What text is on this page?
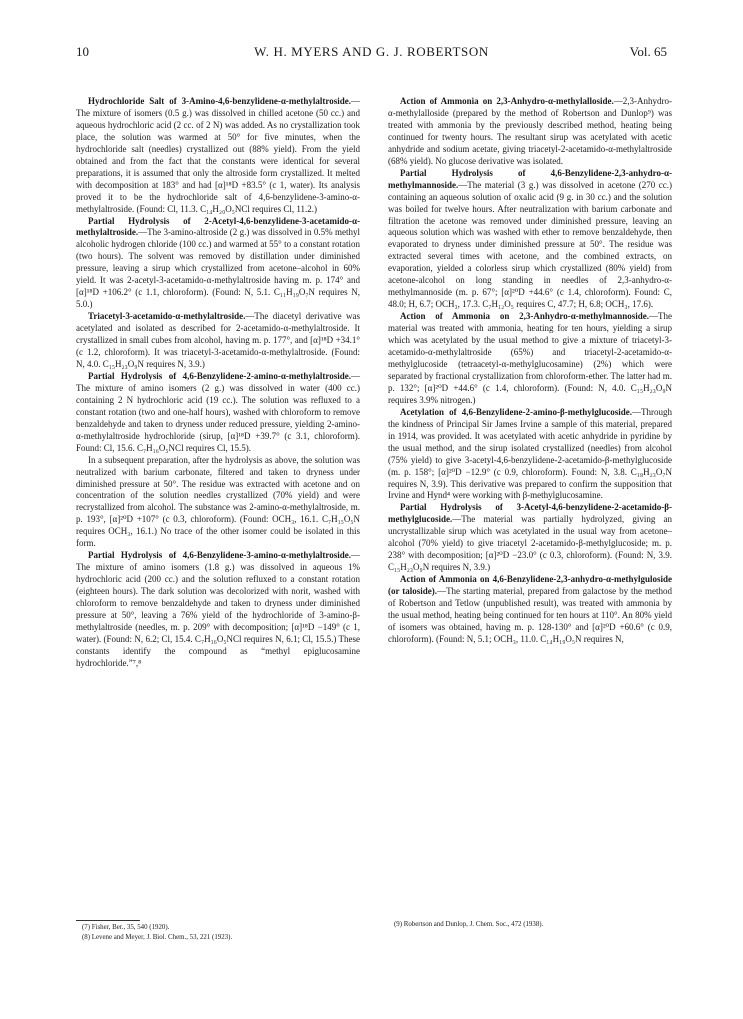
10	W. H. MYERS AND G. J. ROBERTSON	Vol. 65

Hydrochloride Salt of 3-Amino-4,6-benzylidene-α-methylaltroside.—The mixture of isomers (0.5 g.) was dissolved in chilled acetone (50 cc.) and aqueous hydrochloric acid (2 cc. of 2 N) was added. As no crystallization took place, the solution was warmed at 50° for five minutes, when the hydrochloride salt (needles) crystallized out (88% yield). From the yield obtained and from the fact that the constants were identical for several preparations, it is assumed that only the altroside form crystallized. It melted with decomposition at 183° and had [α]¹⁸D +83.5° (c 1, water). Its analysis proved it to be the hydrochloride salt of 4,6-benzylidene-3-amino-α-methylaltroside. (Found: Cl, 11.3. C₁₄H₂₀O₅NCl requires Cl, 11.2.)

Partial Hydrolysis of 2-Acetyl-4,6-benzylidene-3-acetamido-α-methylaltroside.—The 3-amino-altroside (2 g.) was dissolved in 0.5% methyl alcoholic hydrogen chloride (100 cc.) and warmed at 55° to a constant rotation (two hours). The solvent was removed by distillation under diminished pressure, leaving a sirup which crystallized from acetone–alcohol in 60% yield. It was 2-acetyl-3-acetamido-α-methylaltroside having m. p. 174° and [α]¹⁸D +106.2° (c 1.1, chloroform). (Found: N, 5.1. C₁₁H₁₉O₇N requires N, 5.0.)

Triacetyl-3-acetamido-α-methylaltroside.—The diacetyl derivative was acetylated and isolated as described for 2-acetamido-α-methylaltroside. It crystallized in small cubes from alcohol, having m. p. 177°, and [α]¹⁸D +34.1° (c 1.2, chloroform). It was triacetyl-3-acetamido-α-methylaltroside. (Found: N, 4.0. C₁₅H₂₃O₉N requires N, 3.9.)

Partial Hydrolysis of 4,6-Benzylidene-2-amino-α-methylaltroside.—The mixture of amino isomers (2 g.) was dissolved in water (400 cc.) containing 2 N hydrochloric acid (19 cc.). The solution was refluxed to a constant rotation (two and one-half hours), washed with chloroform to remove benzaldehyde and taken to dryness under reduced pressure, yielding 2-amino-α-methylaltroside hydrochloride (sirup, [α]¹⁸D +39.7° (c 3.1, chloroform). Found: Cl, 15.6. C₇H₁₆O₅NCl requires Cl, 15.5).

In a subsequent preparation, after the hydrolysis as above, the solution was neutralized with barium carbonate, filtered and taken to dryness under diminished pressure at 50°. The residue was extracted with acetone and on concentration of the solution needles crystallized (70% yield) and were recrystallized from alcohol. The substance was 2-amino-α-methylaltroside, m. p. 193°, [α]²⁰D +107° (c 0.3, chloroform). (Found: OCH₃, 16.1. C₇H₁₅O₅N requires OCH₃, 16.1.) No trace of the other isomer could be isolated in this form.

Partial Hydrolysis of 4,6-Benzylidene-3-amino-α-methylaltroside.—The mixture of amino isomers (1.8 g.) was dissolved in aqueous 1% hydrochloric acid (200 cc.) and the solution refluxed to a constant rotation (eighteen hours). The dark solution was decolorized with norit, washed with chloroform to remove benzaldehyde and taken to dryness under diminished pressure at 50°, leaving a 76% yield of the hydrochloride of 3-amino-β-methylaltroside (needles, m. p. 209° with decomposition; [α]¹⁸D −149° (c 1, water). (Found: N, 6.2; Cl, 15.4. C₇H₁₆O₅NCl requires N, 6.1; Cl, 15.5.) These constants identify the compound as “methyl epiglucosamine hydrochloride.”⁷,⁸

Action of Ammonia on 2,3-Anhydro-α-methylalloside.—2,3-Anhydro-α-methylalloside (prepared by the method of Robertson and Dunlop⁹) was treated with ammonia by the previously described method, heating being continued for twenty hours. The resultant sirup was acetylated with acetic anhydride and sodium acetate, giving triacetyl-2-acetamido-α-methylaltroside (68% yield). No glucose derivative was isolated.

Partial Hydrolysis of 4,6-Benzylidene-2,3-anhydro-α-methylmannoside.—The material (3 g.) was dissolved in acetone (270 cc.) containing an aqueous solution of oxalic acid (9 g. in 30 cc.) and the solution was boiled for twelve hours. After neutralization with barium carbonate and filtration the acetone was removed under diminished pressure, leaving an aqueous solution which was washed with ether to remove benzaldehyde, then evaporated to dryness under diminished pressure at 50°. The residue was extracted several times with acetone, and the combined extracts, on evaporation, yielded a colorless sirup which crystallized (80% yield) from acetone-alcohol on long standing in needles of 2,3-anhydro-α-methylmannoside (m. p. 67°; [α]²⁰D +44.6° (c 1.4, chloroform). Found: C, 48.0; H, 6.7; OCH₃, 17.3. C₇H₁₂O₅ requires C, 47.7; H, 6.8; OCH₃, 17.6).

Action of Ammonia on 2,3-Anhydro-α-methylmannoside.—The material was treated with ammonia, heating for ten hours, yielding a sirup which was acetylated by the usual method to give a mixture of triacetyl-3-acetamido-α-methylaltroside (65%) and triacetyl-2-acetamido-α-methylglucoside (tetraacetyl-α-methylglucosamine) (2%) which were separated by fractional crystallization from chloroform-ether. The latter had m. p. 132°; [α]²⁰D +44.6° (c 1.4, chloroform). (Found: N, 4.0. C₁₅H₂₃O₉N requires 3.9% nitrogen.)

Acetylation of 4,6-Benzylidene-2-amino-β-methylglucoside.—Through the kindness of Principal Sir James Irvine a sample of this material, prepared in 1914, was provided. It was acetylated with acetic anhydride in pyridine by the usual method, and the sirup isolated crystallized (needles) from alcohol (75% yield) to give 3-acetyl-4,6-benzylidene-2-acetamido-β-methylglucoside (m. p. 158°; [α]²⁰D −12.9° (c 0.9, chloroform). Found: N, 3.8. C₁₈H₂₃O₇N requires N, 3.9). This derivative was prepared to confirm the supposition that Irvine and Hynd⁴ were working with β-methylglucosamine.

Partial Hydrolysis of 3-Acetyl-4,6-benzylidene-2-acetamido-β-methylglucoside.—The material was partially hydrolyzed, giving an uncrystallizable sirup which was acetylated in the usual way from acetone–alcohol (70% yield) to give triacetyl 2-acetamido-β-methylglucoside; m. p. 238° with decomposition; [α]²⁰D −23.0° (c 0.3, chloroform). (Found: N, 3.9. C₁₅H₂₃O₉N requires N, 3.9.)

Action of Ammonia on 4,6-Benzylidene-2,3-anhydro-α-methylguloside (or taloside).—The starting material, prepared from galactose by the method of Robertson and Tetlow (unpublished result), was treated with ammonia by the usual method, heating being continued for ten hours at 110°. An 80% yield of isomers was obtained, having m. p. 128-130° and [α]²⁰D +60.6° (c 0.9, chloroform). (Found: N, 5.1; OCH₃, 11.0. C₁₄H₁₉O₅N requires N,

(7) Fisher, Ber., 35, 540 (1920).

(8) Levene and Meyer, J. Biol. Chem., 53, 221 (1923).

(9) Robertson and Dunlop, J. Chem. Soc., 472 (1938).
